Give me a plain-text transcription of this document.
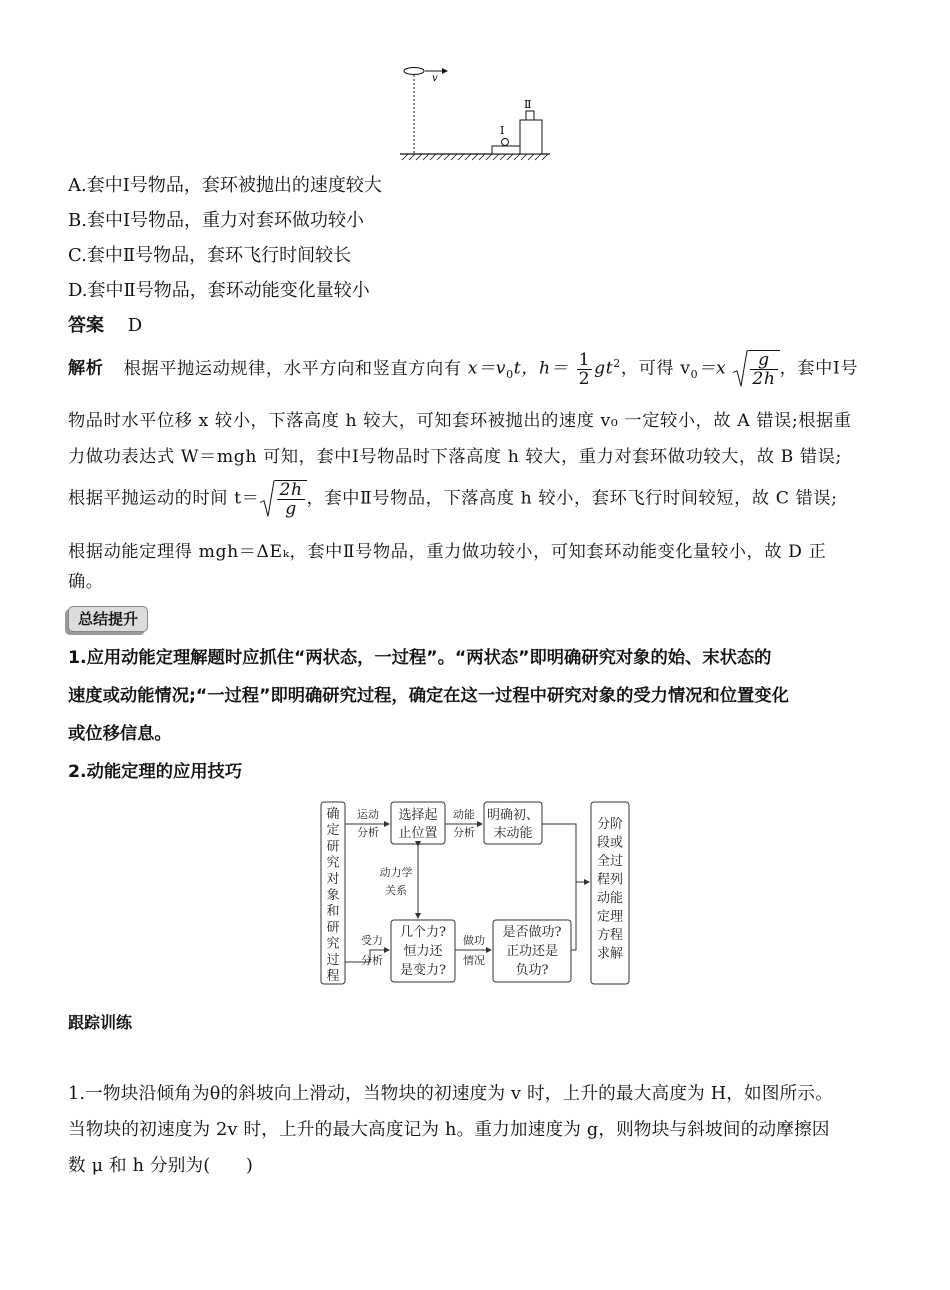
v
Ⅰ
Ⅱ
A.套中Ⅰ号物品，套环被抛出的速度较大
B.套中Ⅰ号物品，重力对套环做功较小
C.套中Ⅱ号物品，套环飞行时间较长
D.套中Ⅱ号物品，套环动能变化量较小
答案 D
解析 根据平抛运动规律，水平方向和竖直方向有 $x=v_0t$，$h= \frac{1}{2} gt^2$，可得 $v_0=x \frac{g}{2h}$ ，套中Ⅰ号
物品时水平位移 x 较小，下落高度 h 较大，可知套环被抛出的速度 v₀ 一定较小，故 A 错误;根据重
力做功表达式 W＝mgh 可知，套中Ⅰ号物品时下落高度 h 较大，重力对套环做功较大，故 B 错误;
根据平抛运动的时间 $t= \frac{2h}{g}$ ，套中Ⅱ号物品，下落高度 h 较小，套环飞行时间较短，故 C 错误;
根据动能定理得 mgh＝ΔEₖ，套中Ⅱ号物品，重力做功较小，可知套环动能变化量较小，故 D 正
确。
总结提升
1.应用动能定理解题时应抓住“两状态，一过程”。“两状态”即明确研究对象的始、末状态的
速度或动能情况;“一过程”即明确研究过程，确定在这一过程中研究对象的受力情况和位置变化
或位移信息。
2.动能定理的应用技巧
确
定
研
究
对
象
和
研
究
过
程
运动
分析
选择起
止位置
动能
分析
明确初、
末动能
动力学
关系
受力
分析
几个力?
恒力还
是变力?
做功
情况
是否做功?
正功还是
负功?
分阶
段或
全过
程列
动能
定理
方程
求解
跟踪训练
1.一物块沿倾角为θ的斜坡向上滑动，当物块的初速度为 v 时，上升的最大高度为 H，如图所示。
当物块的初速度为 2v 时，上升的最大高度记为 h。重力加速度为 g，则物块与斜坡间的动摩擦因
数 μ 和 h 分别为(　　)
